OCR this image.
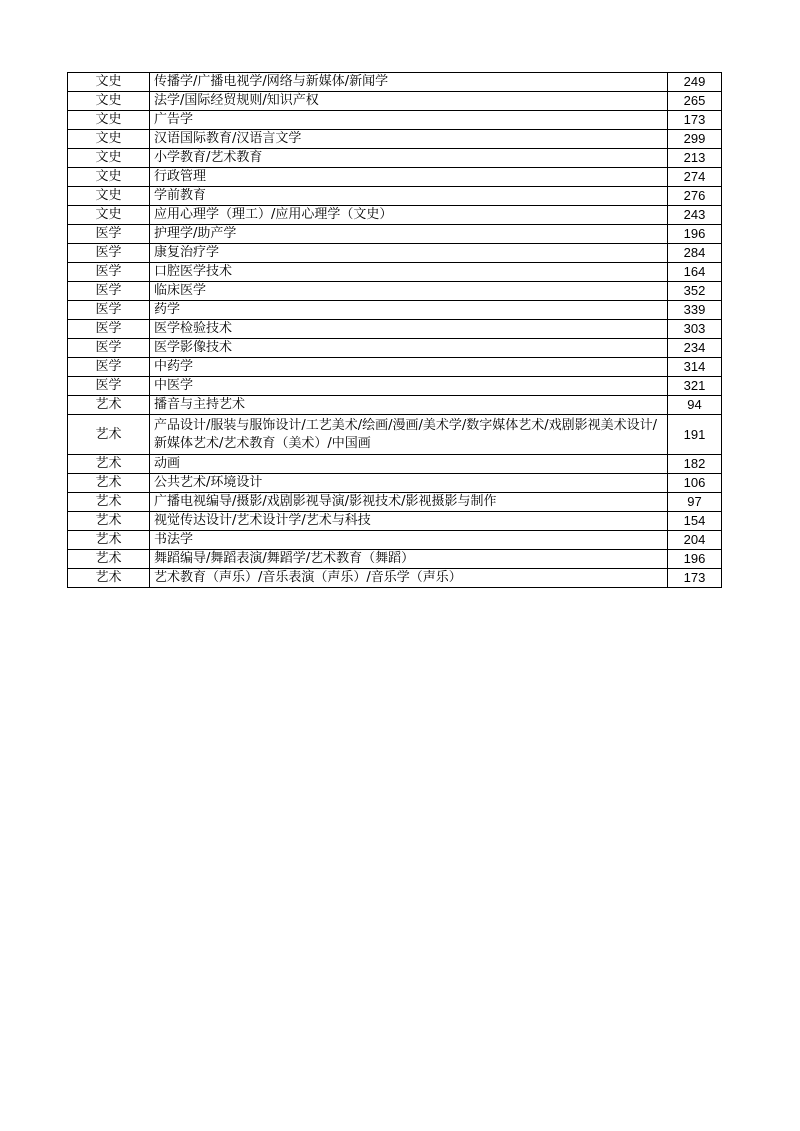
文史	传播学/广播电视学/网络与新媒体/新闻学	249
文史	法学/国际经贸规则/知识产权	265
文史	广告学	173
文史	汉语国际教育/汉语言文学	299
文史	小学教育/艺术教育	213
文史	行政管理	274
文史	学前教育	276
文史	应用心理学（理工）/应用心理学（文史）	243
医学	护理学/助产学	196
医学	康复治疗学	284
医学	口腔医学技术	164
医学	临床医学	352
医学	药学	339
医学	医学检验技术	303
医学	医学影像技术	234
医学	中药学	314
医学	中医学	321
艺术	播音与主持艺术	94
艺术	产品设计/服装与服饰设计/工艺美术/绘画/漫画/美术学/数字媒体艺术/戏剧影视美术设计/新媒体艺术/艺术教育（美术）/中国画	191
艺术	动画	182
艺术	公共艺术/环境设计	106
艺术	广播电视编导/摄影/戏剧影视导演/影视技术/影视摄影与制作	97
艺术	视觉传达设计/艺术设计学/艺术与科技	154
艺术	书法学	204
艺术	舞蹈编导/舞蹈表演/舞蹈学/艺术教育（舞蹈）	196
艺术	艺术教育（声乐）/音乐表演（声乐）/音乐学（声乐）	173
